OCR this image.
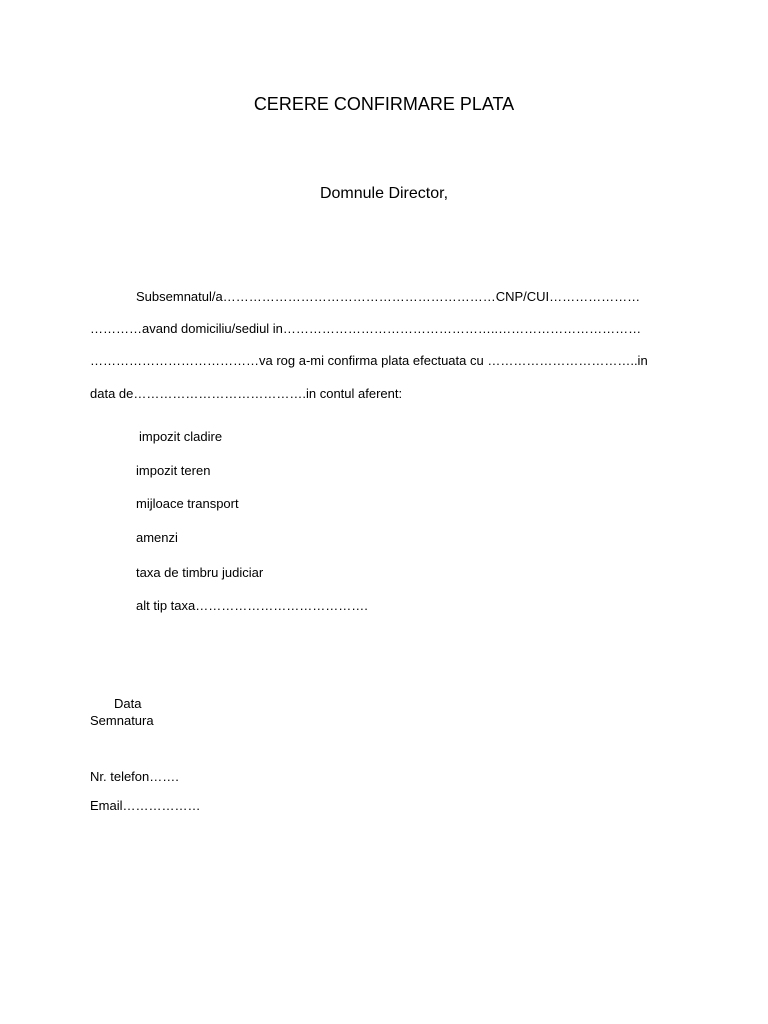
CERERE CONFIRMARE PLATA
Domnule Director,
Subsemnatul/a………………………………………………………CNP/CUI…………………
…………avand domiciliu/sediul in…………………………………………..……………………………
…………………………………va rog a-mi confirma plata efectuata cu ……………………………..in
data de………………………………….in contul aferent:
impozit cladire
impozit teren
mijloace transport
amenzi
taxa de timbru judiciar
alt tip taxa………………………………….
Data
Semnatura
Nr. telefon…….
Email………………
